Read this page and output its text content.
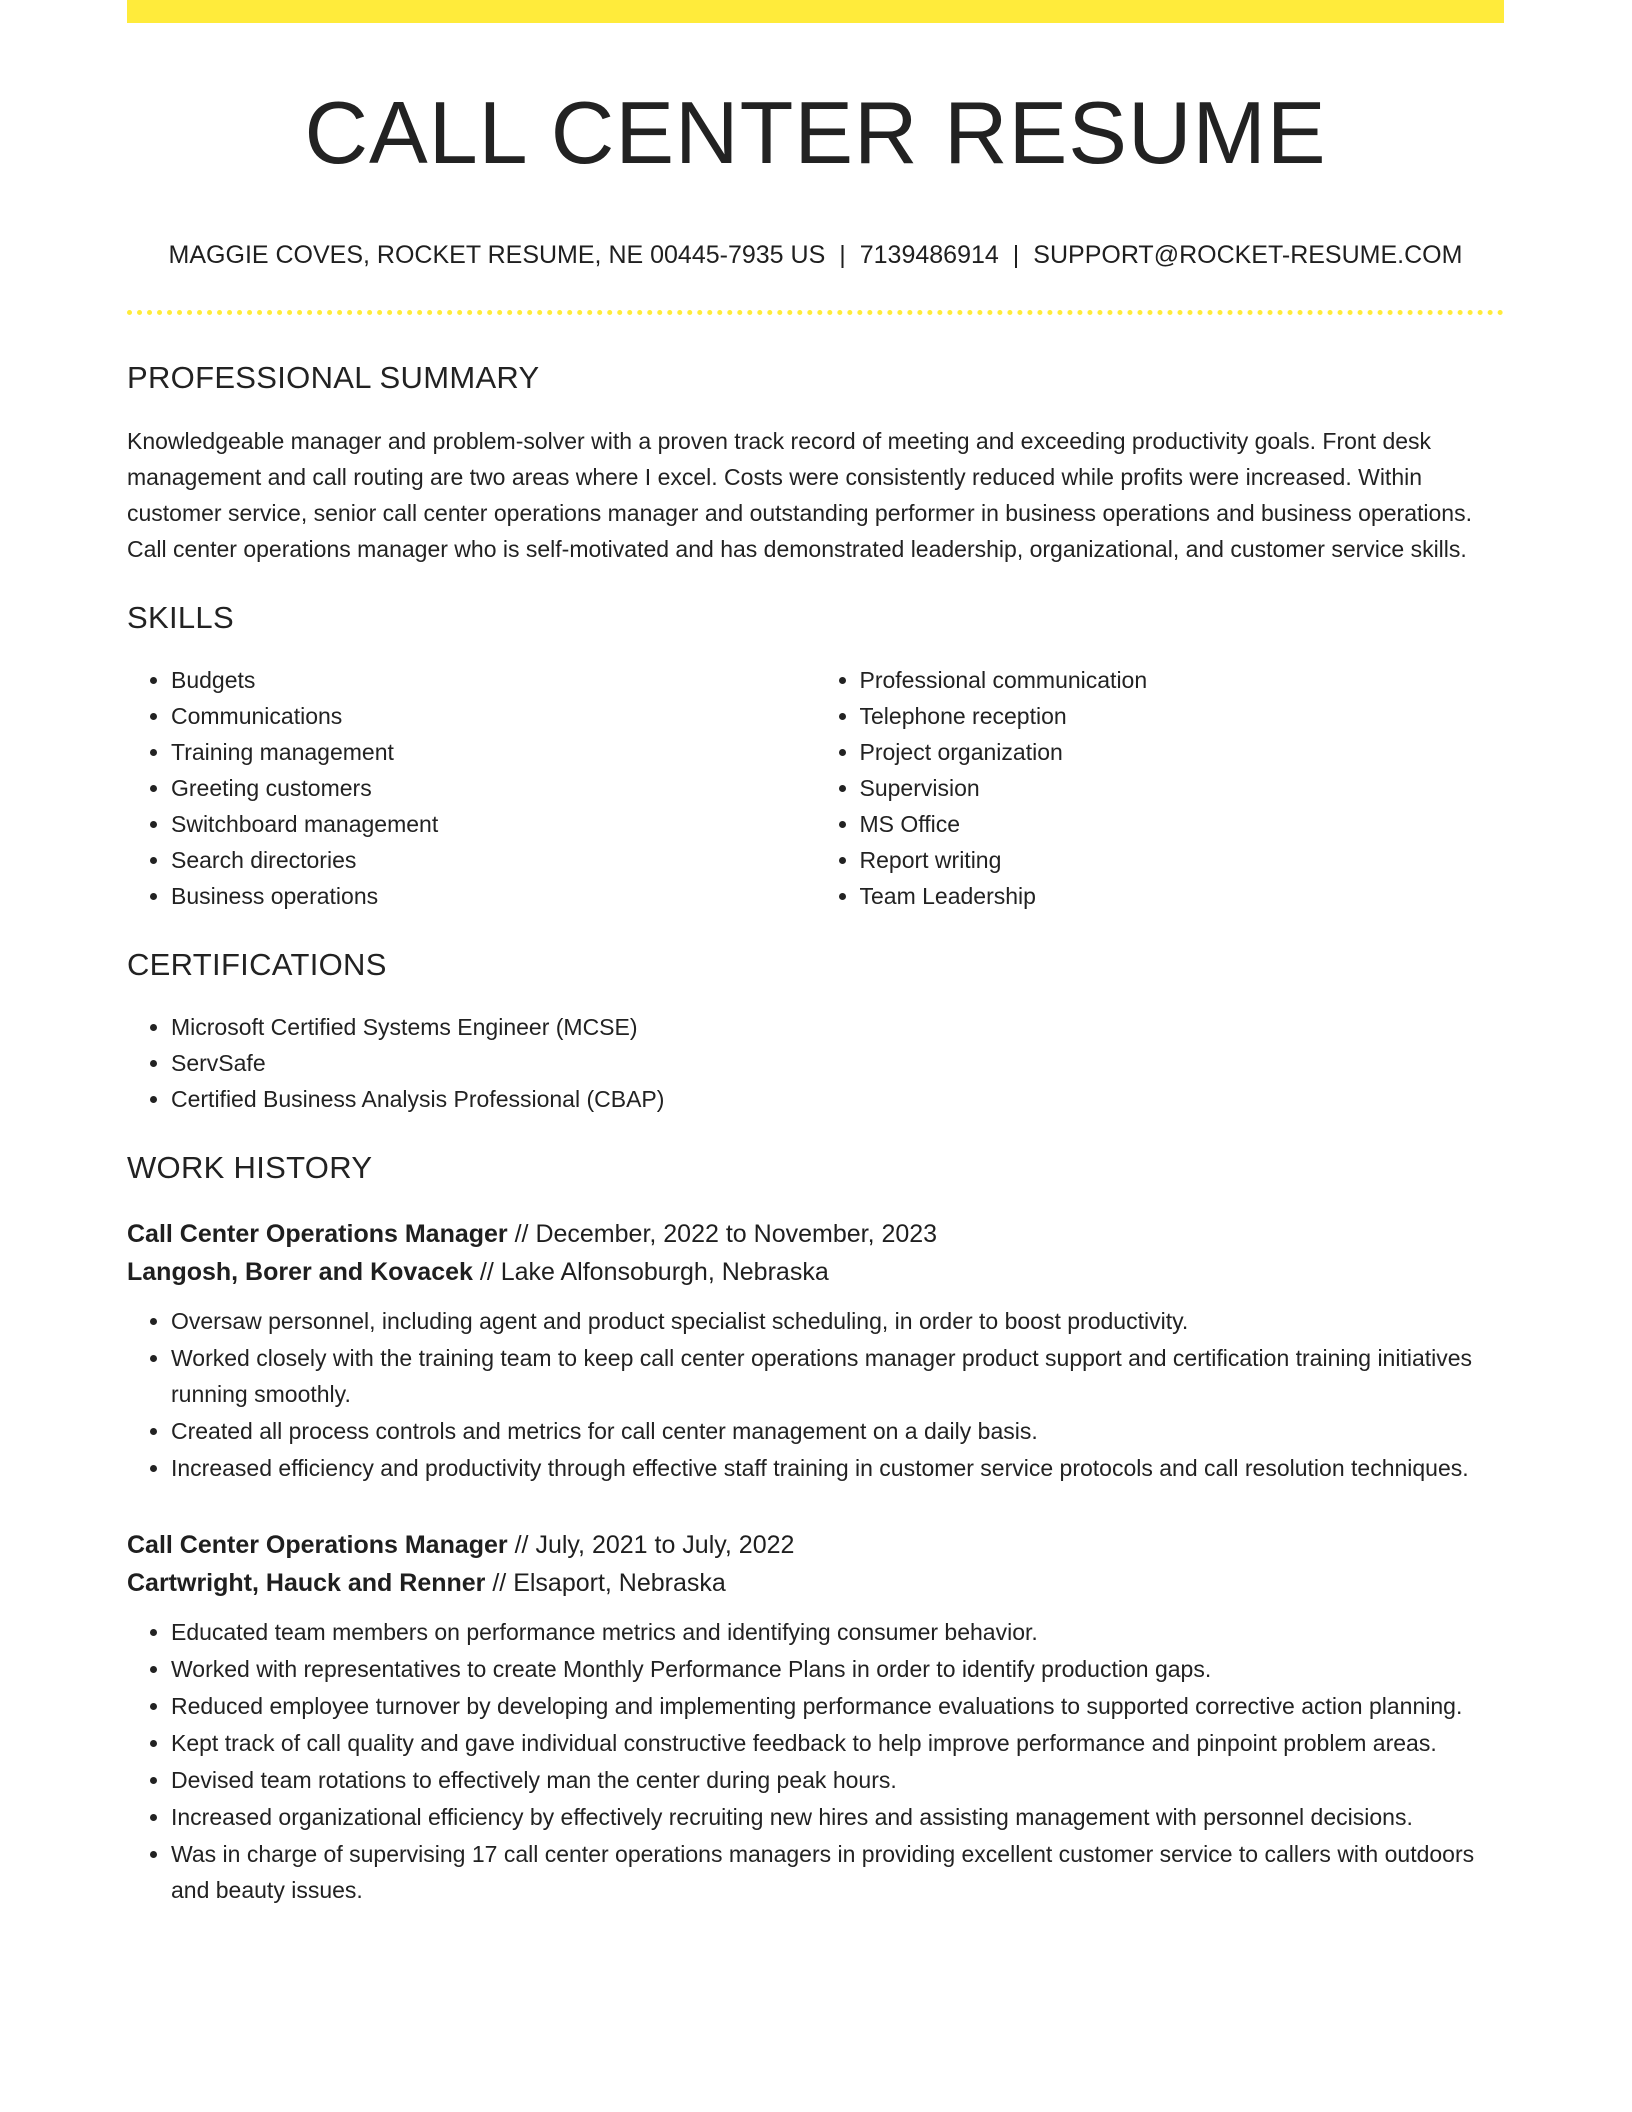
CALL CENTER RESUME
MAGGIE COVES, ROCKET RESUME, NE 00445-7935 US | 7139486914 | SUPPORT@ROCKET-RESUME.COM
PROFESSIONAL SUMMARY
Knowledgeable manager and problem-solver with a proven track record of meeting and exceeding productivity goals. Front desk management and call routing are two areas where I excel. Costs were consistently reduced while profits were increased. Within customer service, senior call center operations manager and outstanding performer in business operations and business operations. Call center operations manager who is self-motivated and has demonstrated leadership, organizational, and customer service skills.
SKILLS
• Budgets
• Communications
• Training management
• Greeting customers
• Switchboard management
• Search directories
• Business operations
• Professional communication
• Telephone reception
• Project organization
• Supervision
• MS Office
• Report writing
• Team Leadership
CERTIFICATIONS
• Microsoft Certified Systems Engineer (MCSE)
• ServSafe
• Certified Business Analysis Professional (CBAP)
WORK HISTORY
Call Center Operations Manager // December, 2022 to November, 2023
Langosh, Borer and Kovacek // Lake Alfonsoburgh, Nebraska
• Oversaw personnel, including agent and product specialist scheduling, in order to boost productivity.
• Worked closely with the training team to keep call center operations manager product support and certification training initiatives running smoothly.
• Created all process controls and metrics for call center management on a daily basis.
• Increased efficiency and productivity through effective staff training in customer service protocols and call resolution techniques.
Call Center Operations Manager // July, 2021 to July, 2022
Cartwright, Hauck and Renner // Elsaport, Nebraska
• Educated team members on performance metrics and identifying consumer behavior.
• Worked with representatives to create Monthly Performance Plans in order to identify production gaps.
• Reduced employee turnover by developing and implementing performance evaluations to supported corrective action planning.
• Kept track of call quality and gave individual constructive feedback to help improve performance and pinpoint problem areas.
• Devised team rotations to effectively man the center during peak hours.
• Increased organizational efficiency by effectively recruiting new hires and assisting management with personnel decisions.
• Was in charge of supervising 17 call center operations managers in providing excellent customer service to callers with outdoors and beauty issues.
